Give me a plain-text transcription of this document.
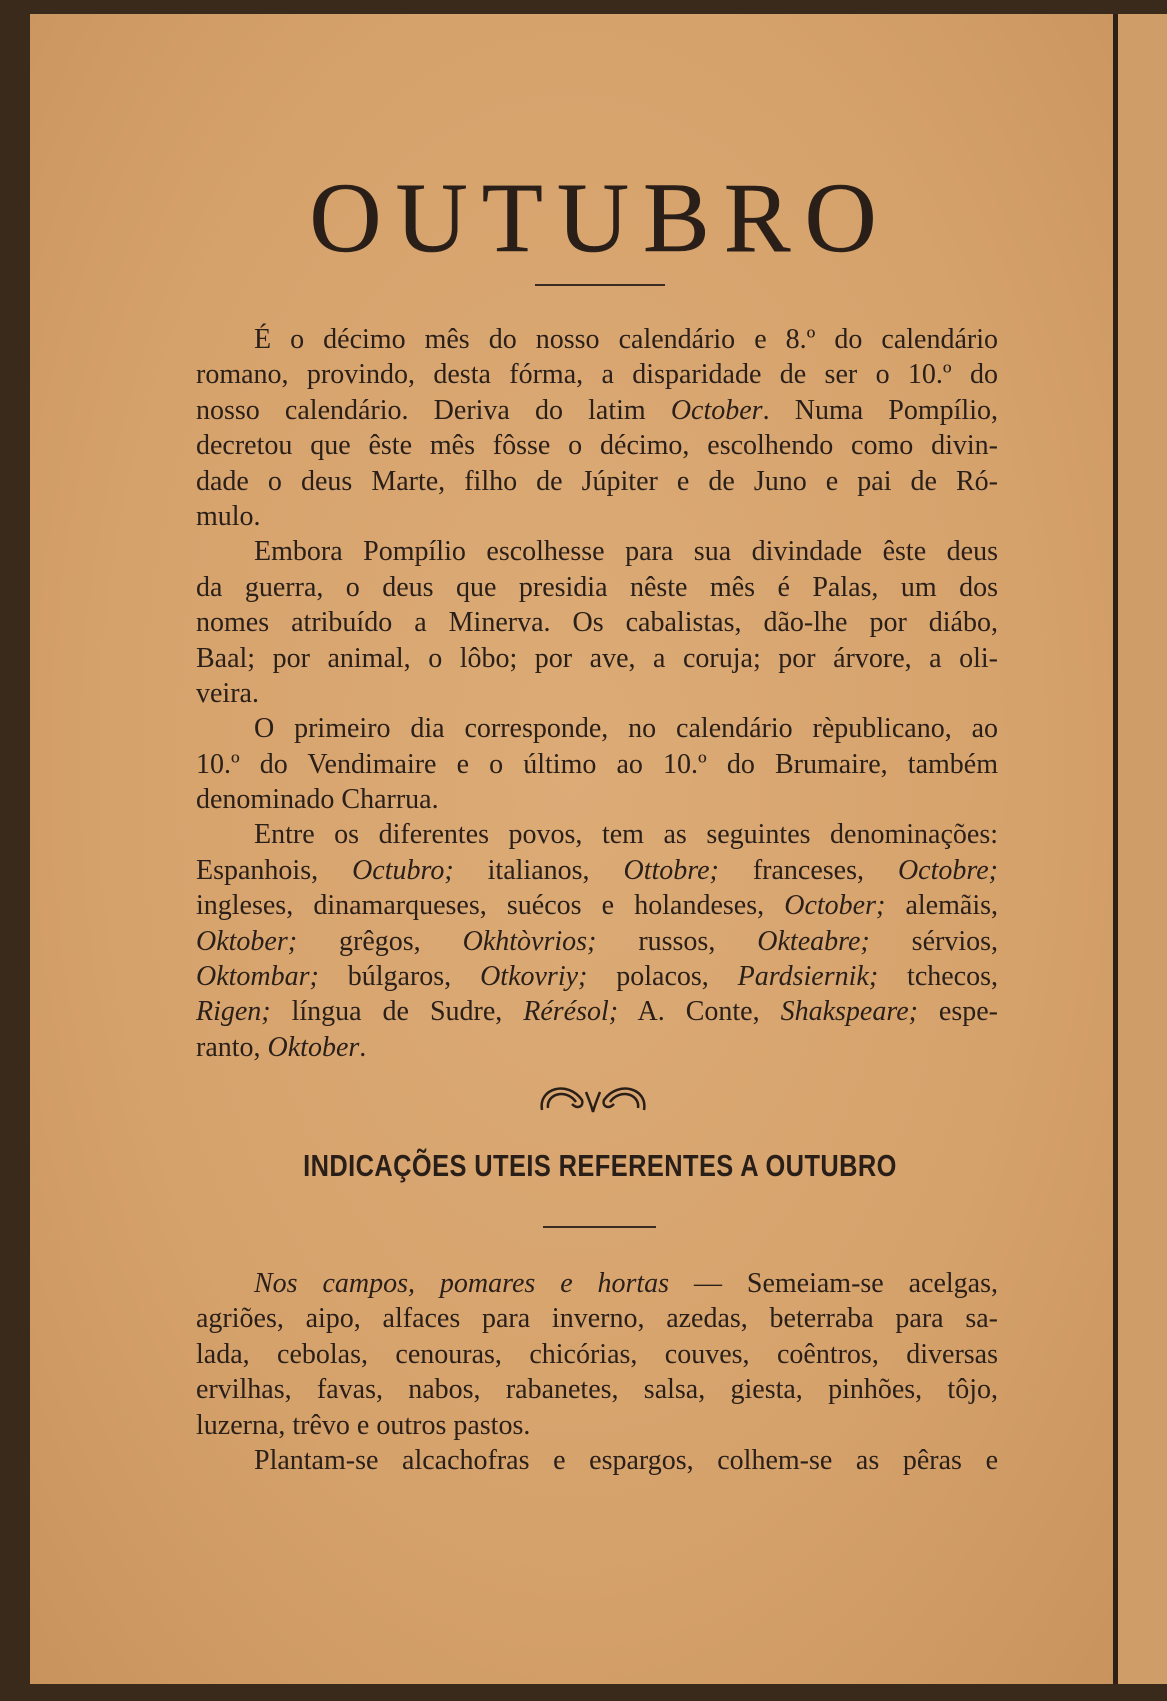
OUTUBRO
É o décimo mês do nosso calendário e 8.º do calendário
romano, provindo, desta fórma, a disparidade de ser o 10.º do
nosso calendário. Deriva do latim October. Numa Pompílio,
decretou que êste mês fôsse o décimo, escolhendo como divin-
dade o deus Marte, filho de Júpiter e de Juno e pai de Ró-
mulo.
Embora Pompílio escolhesse para sua divindade êste deus
da guerra, o deus que presidia nêste mês é Palas, um dos
nomes atribuído a Minerva. Os cabalistas, dão-lhe por diábo,
Baal; por animal, o lôbo; por ave, a coruja; por árvore, a oli-
veira.
O primeiro dia corresponde, no calendário rèpublicano, ao
10.º do Vendimaire e o último ao 10.º do Brumaire, também
denominado Charrua.
Entre os diferentes povos, tem as seguintes denominações:
Espanhois, Octubro; italianos, Ottobre; franceses, Octobre;
ingleses, dinamarqueses, suécos e holandeses, October; alemãis,
Oktober; grêgos, Okhtòvrios; russos, Okteabre; sérvios,
Oktombar; búlgaros, Otkovriy; polacos, Pardsiernik; tchecos,
Rigen; língua de Sudre, Rérésol; A. Conte, Shakspeare; espe-
ranto, Oktober.
INDICAÇÕES UTEIS REFERENTES A OUTUBRO
Nos campos, pomares e hortas — Semeiam-se acelgas,
agriões, aipo, alfaces para inverno, azedas, beterraba para sa-
lada, cebolas, cenouras, chicórias, couves, coêntros, diversas
ervilhas, favas, nabos, rabanetes, salsa, giesta, pinhões, tôjo,
luzerna, trêvo e outros pastos.
Plantam-se alcachofras e espargos, colhem-se as pêras e
